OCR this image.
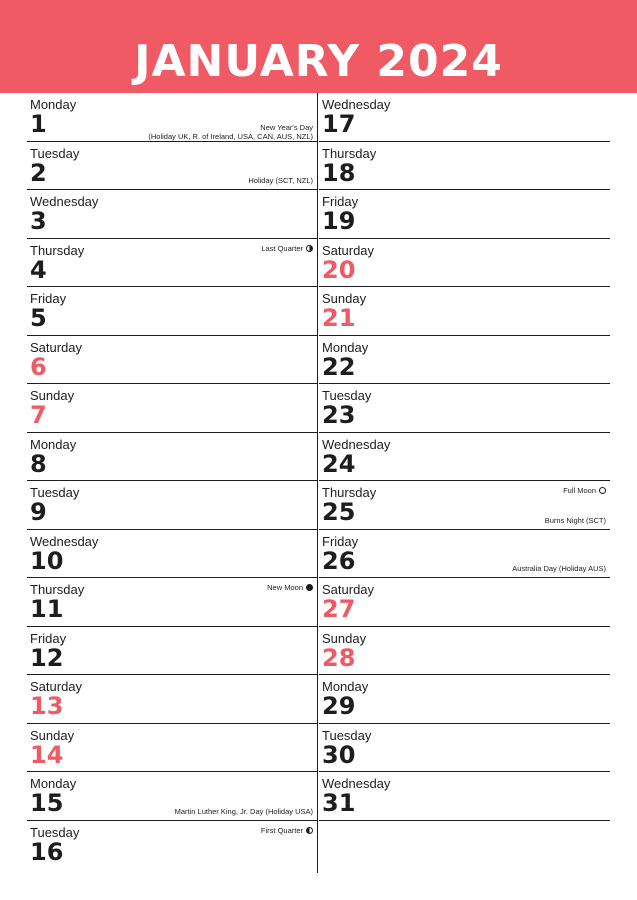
JANUARY 2024
Monday
1	New Year's Day
(Holiday UK, R. of Ireland, USA, CAN, AUS, NZL)
Tuesday
2	Holiday (SCT, NZL)
Wednesday
3
Thursday
4
Last Quarter
Friday
5
Saturday
6
Sunday
7
Monday
8
Tuesday
9
Wednesday
10
Thursday
11
New Moon
Friday
12
Saturday
13
Sunday
14
Monday
15	Martin Luther King, Jr. Day (Holiday USA)
Tuesday
16
First Quarter
Wednesday
17
Thursday
18
Friday
19
Saturday
20
Sunday
21
Monday
22
Tuesday
23
Wednesday
24
Thursday
25
Full Moon
Burns Night (SCT)
Friday
26	Australia Day (Holiday AUS)
Saturday
27
Sunday
28
Monday
29
Tuesday
30
Wednesday
31
